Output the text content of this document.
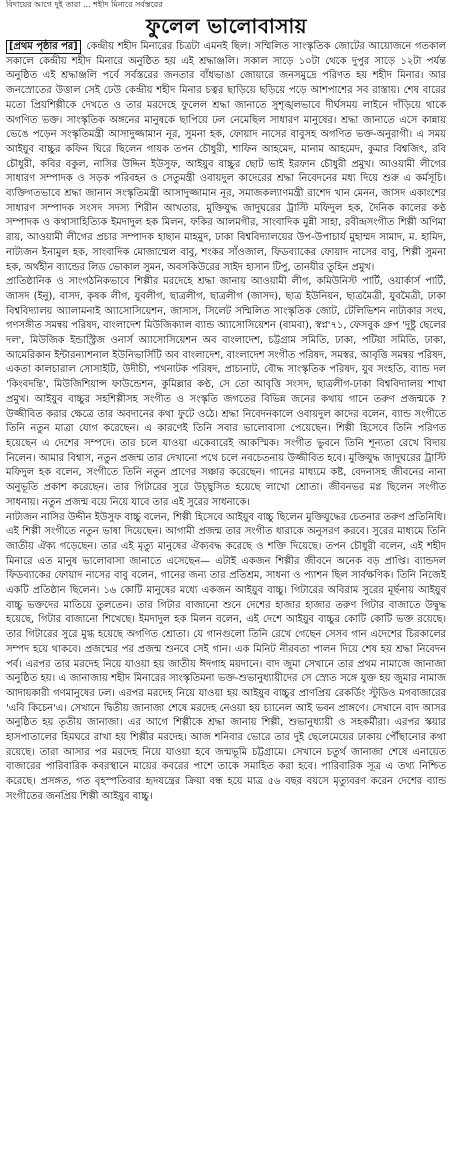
বিদায়ের আগে দুই তারা ... শহীদ মিনারে সর্বস্তরের
ফুলেল ভালোবাসায়

[প্রথম পৃষ্ঠার পর] কেন্দ্রীয় শহীদ মিনারের চিত্রটা এমনই ছিল। সম্মিলিত সাংস্কৃতিক জোটের আয়োজনে গতকাল সকালে কেন্দ্রীয় শহীদ মিনারে অনুষ্ঠিত হয় এই শ্রদ্ধাঞ্জলি। সকাল সাড়ে ১০টা থেকে দুপুর সাড়ে ১২টা পর্যন্ত অনুষ্ঠিত এই শ্রদ্ধাঞ্জলি পর্বে সর্বস্তরের জনতার বাঁধভাঙা জোয়ারে জনসমুদ্রে পরিণত হয় শহীদ মিনার। আর জনস্রোতের উত্তাল সেই ঢেউ কেন্দ্রীয় শহীদ মিনার চত্বর ছাড়িয়ে ছড়িয়ে পড়ে আশপাশের সব রাস্তায়। শেষ বারের মতো প্রিয়শিল্পীকে দেখতে ও তার মরদেহে ফুলেল শ্রদ্ধা জানাতে সুশৃঙ্খলভাবে দীর্ঘসময় লাইনে দাঁড়িয়ে থাকে অগণিত ভক্ত। সাংস্কৃতিক অঙ্গনের মানুষকে ছাপিয়ে ঢল নেমেছিল সাধারণ মানুষের। শ্রদ্ধা জানাতে এসে কান্নায় ভেঙে পড়েন সংস্কৃতিমন্ত্রী আসাদুজ্জামান নূর, সুমনা হক, ফোয়াদ নাসের বাবুসহ অগণিত ভক্ত-অনুরাগী। এ সময় আইয়ুব বাচ্চুর কফিন ঘিরে ছিলেন গায়ক তপন চৌধুরী, শাফিন আহমেদ, মানাম আহমেদ, কুমার বিশ্বজিৎ, রবি চৌধুরী, কবির বকুল, নাসির উদ্দিন ইউসুফ, আইয়ুব বাচ্চুর ছোট ভাই ইরফান চৌধুরী প্রমুখ। আওয়ামী লীগের সাধারণ সম্পাদক ও সড়ক পরিবহন ও সেতুমন্ত্রী ওবায়দুল কাদেরের শ্রদ্ধা নিবেদনের মধ্য দিয়ে শুরু এ কর্মসূচি। ব্যক্তিগতভাবে শ্রদ্ধা জানান সংস্কৃতিমন্ত্রী আসাদুজ্জামান নূর, সমাজকল্যাণমন্ত্রী রাশেদ খান মেনন, জাসদ একাংশের সাধারণ সম্পাদক সংসদ সদস্য শিরীন আখতার, মুক্তিযুদ্ধ জাদুঘরের ট্রাস্টি মফিদুল হক, দৈনিক কালের কণ্ঠ সম্পাদক ও কথাসাহিত্যিক ইমদাদুল হক মিলন, ফকির আলমগীর, সাংবাদিক মুন্নী সাহা, রবীন্দ্রসংগীত শিল্পী অণিমা রায়, আওয়ামী লীগের প্রচার সম্পাদক হাছান মাহমুদ, ঢাকা বিশ্ববিদ্যালয়ের উপ-উপাচার্য মুহাম্মদ সামাদ, ম. হামিদ, নাট্যজন ইনামুল হক, সাংবাদিক মোজাম্মেল বাবু, শংকর সাঁওজাল, ফিডব্যাকের ফোয়াদ নাসের বাবু, শিল্পী সুমনা হক, অর্থহীন ব্যান্ডের লিড ভোকাল সুমন, অবসকিউরের সাইদ হাসান টিপু, তানযীর তুহিন প্রমুখ।

প্রাতিষ্ঠানিক ও সাংগঠনিকভাবে শিল্পীর মরদেহে শ্রদ্ধা জানায় আওয়ামী লীগ, কমিউনিস্ট পার্টি, ওয়ার্কার্স পার্টি, জাসদ (ইনু), বাসদ, কৃষক লীগ, যুবলীগ, ছাত্রলীগ, ছাত্রলীগ (জাসদ), ছাত্র ইউনিয়ন, ছাত্রমৈত্রী, যুবমৈত্রী, ঢাকা বিশ্ববিদ্যালয় অ্যালামনাই অ্যাসোসিয়েশন, জাসাস, সিলেট সম্মিলিত সাংস্কৃতিক জোট, টেলিভিশন নাট্যকার সংঘ, গণসঙ্গীত সমন্বয় পরিষদ, বাংলাদেশ মিউজিক্যাল ব্যান্ড অ্যাসোসিয়েশন (বামবা), স্বপ্ন'৭১, ফেসবুক গ্রুপ 'দুষ্টু ছেলের দল', মিউজিক ইন্ডাস্ট্রিজ ওনার্স অ্যাসোসিয়েশন অব বাংলাদেশ, চট্টগ্রাম সমিতি, ঢাকা, পটিয়া সমিতি, ঢাকা, আমেরিকান ইন্টারন্যাশনাল ইউনিভার্সিটি অব বাংলাদেশ, বাংলাদেশ সংগীত পরিষদ, সমস্বর, আবৃত্তি সমন্বয় পরিষদ, একতা কালচারাল সোসাইটি, উদীচী, পথনাটক পরিষদ, প্রাচ্যনাট, বৌদ্ধ সাংস্কৃতিক পরিষদ, যুব সংহতি, ব্যান্ড দল 'কিংবদন্তি', মিউজিশিয়ান্স ফাউন্ডেশন, কুমিল্লার কণ্ঠ, সে তো আবৃত্তি সংসদ, ছাত্রলীগ-ঢাকা বিশ্ববিদ্যালয় শাখা প্রমুখ। আইয়ুব বাচ্চুর সহশিল্পীসহ সংগীত ও সংস্কৃতি জগতের বিভিন্ন জনের কথায় গানে তরুণ প্রজন্মকে ?উজ্জীবিত করার ক্ষেত্রে তার অবদানের কথা ফুটে ওঠে। শ্রদ্ধা নিবেদনকালে ওবায়দুল কাদের বলেন, ব্যান্ড সংগীতে তিনি নতুন মাত্রা যোগ করেছেন। এ কারণেই তিনি সবার ভালোবাসা পেয়েছেন। শিল্পী হিসেবে তিনি পরিণত হয়েছেন এ দেশের সম্পদে। তার চলে যাওয়া একেবারেই আকস্মিক। সংগীত ভুবনে তিনি শূন্যতা রেখে বিদায় নিলেন। আমার বিশ্বাস, নতুন প্রজন্ম তার দেখানো পথে চলে নবচেতনায় উজ্জীবিত হবে। মুক্তিযুদ্ধ জাদুঘরের ট্রাস্টি মফিদুল হক বলেন, সংগীতে তিনি নতুন প্রাণের সঞ্চার করেছেন। গানের মাধ্যমে কষ্ট, বেদনাসহ জীবনের নানা অনুভূতি প্রকাশ করেছেন। তার গিটারের সুরে উচ্ছ্বসিত হয়েছে লাখো শ্রোতা। জীবনভর মগ্ন ছিলেন সংগীত সাধনায়। নতুন প্রজন্ম বয়ে নিয়ে যাবে তার এই সুরের সাধনাকে।

নাট্যজন নাসির উদ্দীন ইউসুফ বাচ্চু বলেন, শিল্পী হিসেবে আইয়ুব বাচ্চু ছিলেন মুক্তিযুদ্ধের চেতনার তরুণ প্রতিনিধি। এই শিল্পী সংগীতে নতুন ভাষা দিয়েছেন। আগামী প্রজন্ম তার সংগীত ধারাকে অনুসরণ করবে। সুরের মাধ্যমে তিনি জাতীয় ঐক্য গড়েছেন। তার এই মৃত্যু মানুষের ঐক্যবদ্ধ করেছে ও শক্তি দিয়েছে। তপন চৌধুরী বলেন, এই শহীদ মিনারে এত মানুষ ভালোবাসা জানাতে এসেছেন— এটাই একজন শিল্পীর জীবনে অনেক বড় প্রাপ্তি। ব্যান্ডদল ফিডব্যাকের ফোয়াদ নাসের বাবু বলেন, গানের জন্য তার প্রতিশ্রম, সাধনা ও প্যাশন ছিল সার্বক্ষণিক। তিনি নিজেই একটি প্রতিষ্ঠান ছিলেন। ১৬ কোটি মানুষের মধ্যে একজন আইয়ুব বাচ্চু। গিটারের অবিরাম সুরের মূর্ছনায় আইয়ুব বাচ্চু ভক্তদের মাতিয়ে তুলতেন। তার গিটার বাজানো শুনে দেশের হাজার হাজার তরুণ গিটার বাজাতে উদ্বুদ্ধ হয়েছে, গিটার বাজানো শিখেছে। ইমদাদুল হক মিলন বলেন, এই দেশে আইয়ুব বাচ্চুর কোটি কোটি ভক্ত রয়েছে। তার গিটারের সুরে মুগ্ধ হয়েছে অগণিত শ্রোতা। যে গানগুলো তিনি রেখে গেছেন সেসব গান এদেশের চিরকালের সম্পদ হয়ে থাকবে। প্রজন্মের পর প্রজন্ম শুনবে সেই গান। এক মিনিট নীরবতা পালন দিয়ে শেষ হয় শ্রদ্ধা নিবেদন পর্ব। এরপর তার মরদেহ নিয়ে যাওয়া হয় জাতীয় ঈদগাহ ময়দানে। বাদ জুমা সেখানে তার প্রথম নামাজে জানাজা অনুষ্ঠিত হয়। এ জানাজায় শহীদ মিনারের সাংস্কৃতিমনা ভক্ত-শুভানুধ্যায়ীদের সে স্রোত সঙ্গে যুক্ত হয় জুমার নামাজ আদায়কারী গণমানুষের ঢল। এরপর মরদেহ নিয়ে যাওয়া হয় আইয়ুব বাচ্চুর প্রাণপ্রিয় রেকর্ডিং স্টুডিও মগবাজারের 'এবি কিচেন'এ। সেখানে দ্বিতীয় জানাজা শেষে মরদেহ নেওয়া হয় চ্যানেল আই ভবন প্রাঙ্গণে। সেখানে বাদ আসর অনুষ্ঠিত হয় তৃতীয় জানাজা। এর আগে শিল্পীকে শ্রদ্ধা জানায় শিল্পী, শুভানুধ্যায়ী ও সহকর্মীরা। এরপর স্কয়ার হাসপাতালের হিমঘরে রাখা হয় শিল্পীর মরদেহ। আজ শনিবার ভোরে তার দুই ছেলেমেয়ের ঢাকায় পৌঁছানোর কথা রয়েছে। তারা আসার পর মরদেহ নিয়ে যাওয়া হবে জন্মভূমি চট্টগ্রামে। সেখানে চতুর্থ জানাজা শেষে এনায়েত বাজারের পারিবারিক কবরস্থানে মায়ের কবরের পাশে তাকে সমাহিত করা হবে। পারিবারিক সূত্র এ তথ্য নিশ্চিত করেছে। প্রসঙ্গত, গত বৃহস্পতিবার হৃদযন্ত্রের ক্রিয়া বন্ধ হয়ে মাত্র ৫৬ বছর বয়সে মৃত্যুবরণ করেন দেশের ব্যান্ড সংগীতের জনপ্রিয় শিল্পী আইয়ুব বাচ্চু।
